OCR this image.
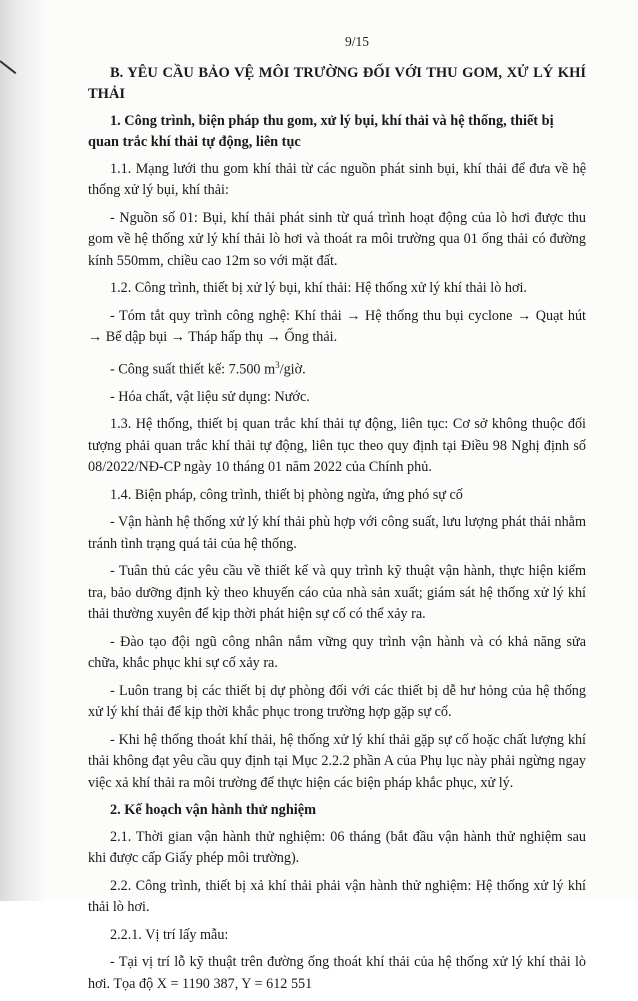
9/15
B. YÊU CẦU BẢO VỆ MÔI TRƯỜNG ĐỐI VỚI THU GOM, XỬ LÝ KHÍ THẢI
1. Công trình, biện pháp thu gom, xử lý bụi, khí thải và hệ thống, thiết bị quan trắc khí thải tự động, liên tục

1.1. Mạng lưới thu gom khí thải từ các nguồn phát sinh bụi, khí thải để đưa về hệ thống xử lý bụi, khí thải:

- Nguồn số 01: Bụi, khí thải phát sinh từ quá trình hoạt động của lò hơi được thu gom về hệ thống xử lý khí thải lò hơi và thoát ra môi trường qua 01 ống thải có đường kính 550mm, chiều cao 12m so với mặt đất.

1.2. Công trình, thiết bị xử lý bụi, khí thải: Hệ thống xử lý khí thải lò hơi.

- Tóm tắt quy trình công nghệ: Khí thải → Hệ thống thu bụi cyclone → Quạt hút → Bể dập bụi → Tháp hấp thụ → Ống thải.

- Công suất thiết kế: 7.500 $m^3$/giờ.

- Hóa chất, vật liệu sử dụng: Nước.

1.3. Hệ thống, thiết bị quan trắc khí thải tự động, liên tục: Cơ sở không thuộc đối tượng phải quan trắc khí thải tự động, liên tục theo quy định tại Điều 98 Nghị định số 08/2022/NĐ-CP ngày 10 tháng 01 năm 2022 của Chính phủ.

1.4. Biện pháp, công trình, thiết bị phòng ngừa, ứng phó sự cố

- Vận hành hệ thống xử lý khí thải phù hợp với công suất, lưu lượng phát thải nhằm tránh tình trạng quá tải của hệ thống.

- Tuân thủ các yêu cầu về thiết kế và quy trình kỹ thuật vận hành, thực hiện kiểm tra, bảo dưỡng định kỳ theo khuyến cáo của nhà sản xuất; giám sát hệ thống xử lý khí thải thường xuyên để kịp thời phát hiện sự cố có thể xảy ra.

- Đào tạo đội ngũ công nhân nắm vững quy trình vận hành và có khả năng sửa chữa, khắc phục khi sự cố xảy ra.

- Luôn trang bị các thiết bị dự phòng đối với các thiết bị dễ hư hỏng của hệ thống xử lý khí thải để kịp thời khắc phục trong trường hợp gặp sự cố.

- Khi hệ thống thoát khí thải, hệ thống xử lý khí thải gặp sự cố hoặc chất lượng khí thải không đạt yêu cầu quy định tại Mục 2.2.2 phần A của Phụ lục này phải ngừng ngay việc xả khí thải ra môi trường để thực hiện các biện pháp khắc phục, xử lý.

2. Kế hoạch vận hành thử nghiệm

2.1. Thời gian vận hành thử nghiệm: 06 tháng (bắt đầu vận hành thử nghiệm sau khi được cấp Giấy phép môi trường).

2.2. Công trình, thiết bị xả khí thải phải vận hành thử nghiệm: Hệ thống xử lý khí thải lò hơi.

2.2.1. Vị trí lấy mẫu:

- Tại vị trí lỗ kỹ thuật trên đường ống thoát khí thải của hệ thống xử lý khí thải lò hơi. Tọa độ X = 1190 387, Y = 612 551
